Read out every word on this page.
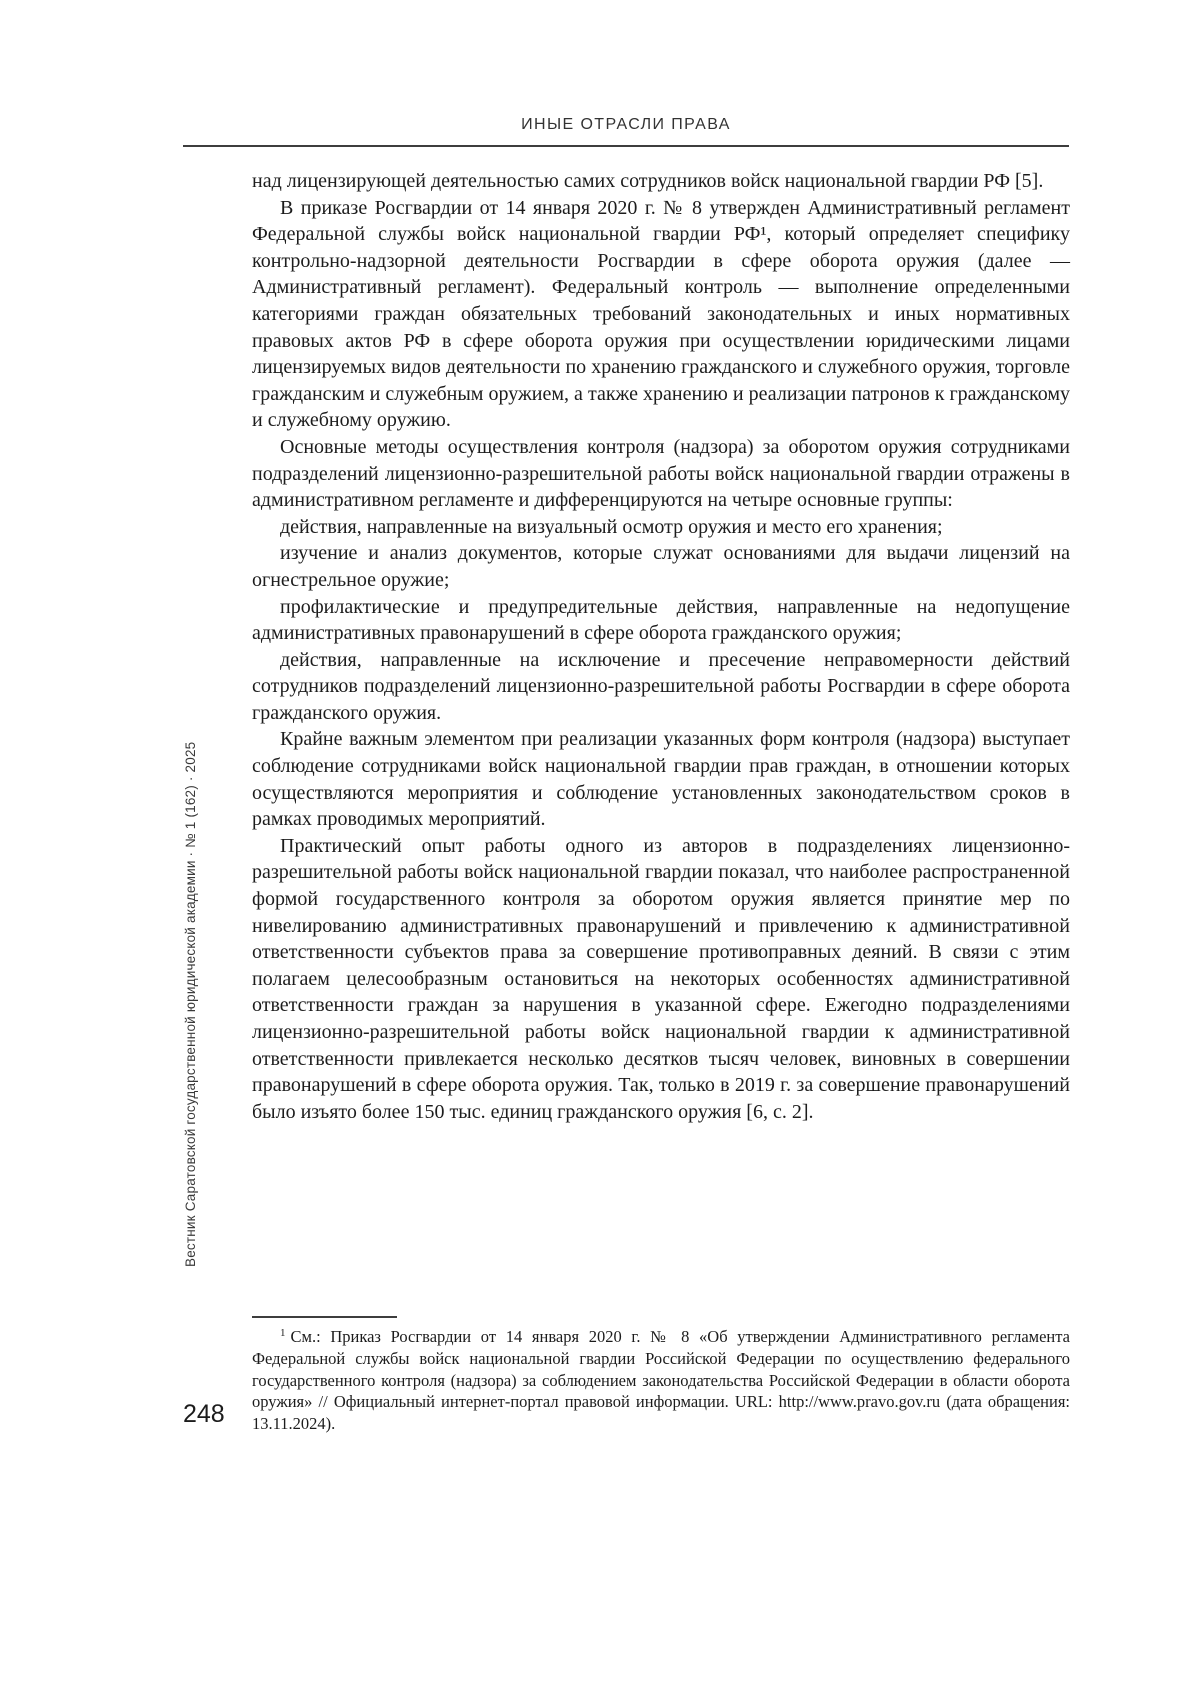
ИНЫЕ ОТРАСЛИ ПРАВА

над лицензирующей деятельностью самих сотрудников войск национальной гвардии РФ [5].

В приказе Росгвардии от 14 января 2020 г. № 8 утвержден Административный регламент Федеральной службы войск национальной гвардии РФ¹, который определяет специфику контрольно-надзорной деятельности Росгвардии в сфере оборота оружия (далее — Административный регламент). Федеральный контроль — выполнение определенными категориями граждан обязательных требований законодательных и иных нормативных правовых актов РФ в сфере оборота оружия при осуществлении юридическими лицами лицензируемых видов деятельности по хранению гражданского и служебного оружия, торговле гражданским и служебным оружием, а также хранению и реализации патронов к гражданскому и служебному оружию.

Основные методы осуществления контроля (надзора) за оборотом оружия сотрудниками подразделений лицензионно-разрешительной работы войск национальной гвардии отражены в административном регламенте и дифференцируются на четыре основные группы:

действия, направленные на визуальный осмотр оружия и место его хранения;

изучение и анализ документов, которые служат основаниями для выдачи лицензий на огнестрельное оружие;

профилактические и предупредительные действия, направленные на недопущение административных правонарушений в сфере оборота гражданского оружия;

действия, направленные на исключение и пресечение неправомерности действий сотрудников подразделений лицензионно-разрешительной работы Росгвардии в сфере оборота гражданского оружия.

Крайне важным элементом при реализации указанных форм контроля (надзора) выступает соблюдение сотрудниками войск национальной гвардии прав граждан, в отношении которых осуществляются мероприятия и соблюдение установленных законодательством сроков в рамках проводимых мероприятий.

Практический опыт работы одного из авторов в подразделениях лицензионно-разрешительной работы войск национальной гвардии показал, что наиболее распространенной формой государственного контроля за оборотом оружия является принятие мер по нивелированию административных правонарушений и привлечению к административной ответственности субъектов права за совершение противоправных деяний. В связи с этим полагаем целесообразным остановиться на некоторых особенностях административной ответственности граждан за нарушения в указанной сфере. Ежегодно подразделениями лицензионно-разрешительной работы войск национальной гвардии к административной ответственности привлекается несколько десятков тысяч человек, виновных в совершении правонарушений в сфере оборота оружия. Так, только в 2019 г. за совершение правонарушений было изъято более 150 тыс. единиц гражданского оружия [6, с. 2].

$^1$ См.: Приказ Росгвардии от 14 января 2020 г. № 8 «Об утверждении Административного регламента Федеральной службы войск национальной гвардии Российской Федерации по осуществлению федерального государственного контроля (надзора) за соблюдением законодательства Российской Федерации в области оборота оружия» // Официальный интернет-портал правовой информации. URL: http://www.pravo.gov.ru (дата обращения: 13.11.2024).

Вестник Саратовской государственной юридической академии · № 1 (162) · 2025
248
